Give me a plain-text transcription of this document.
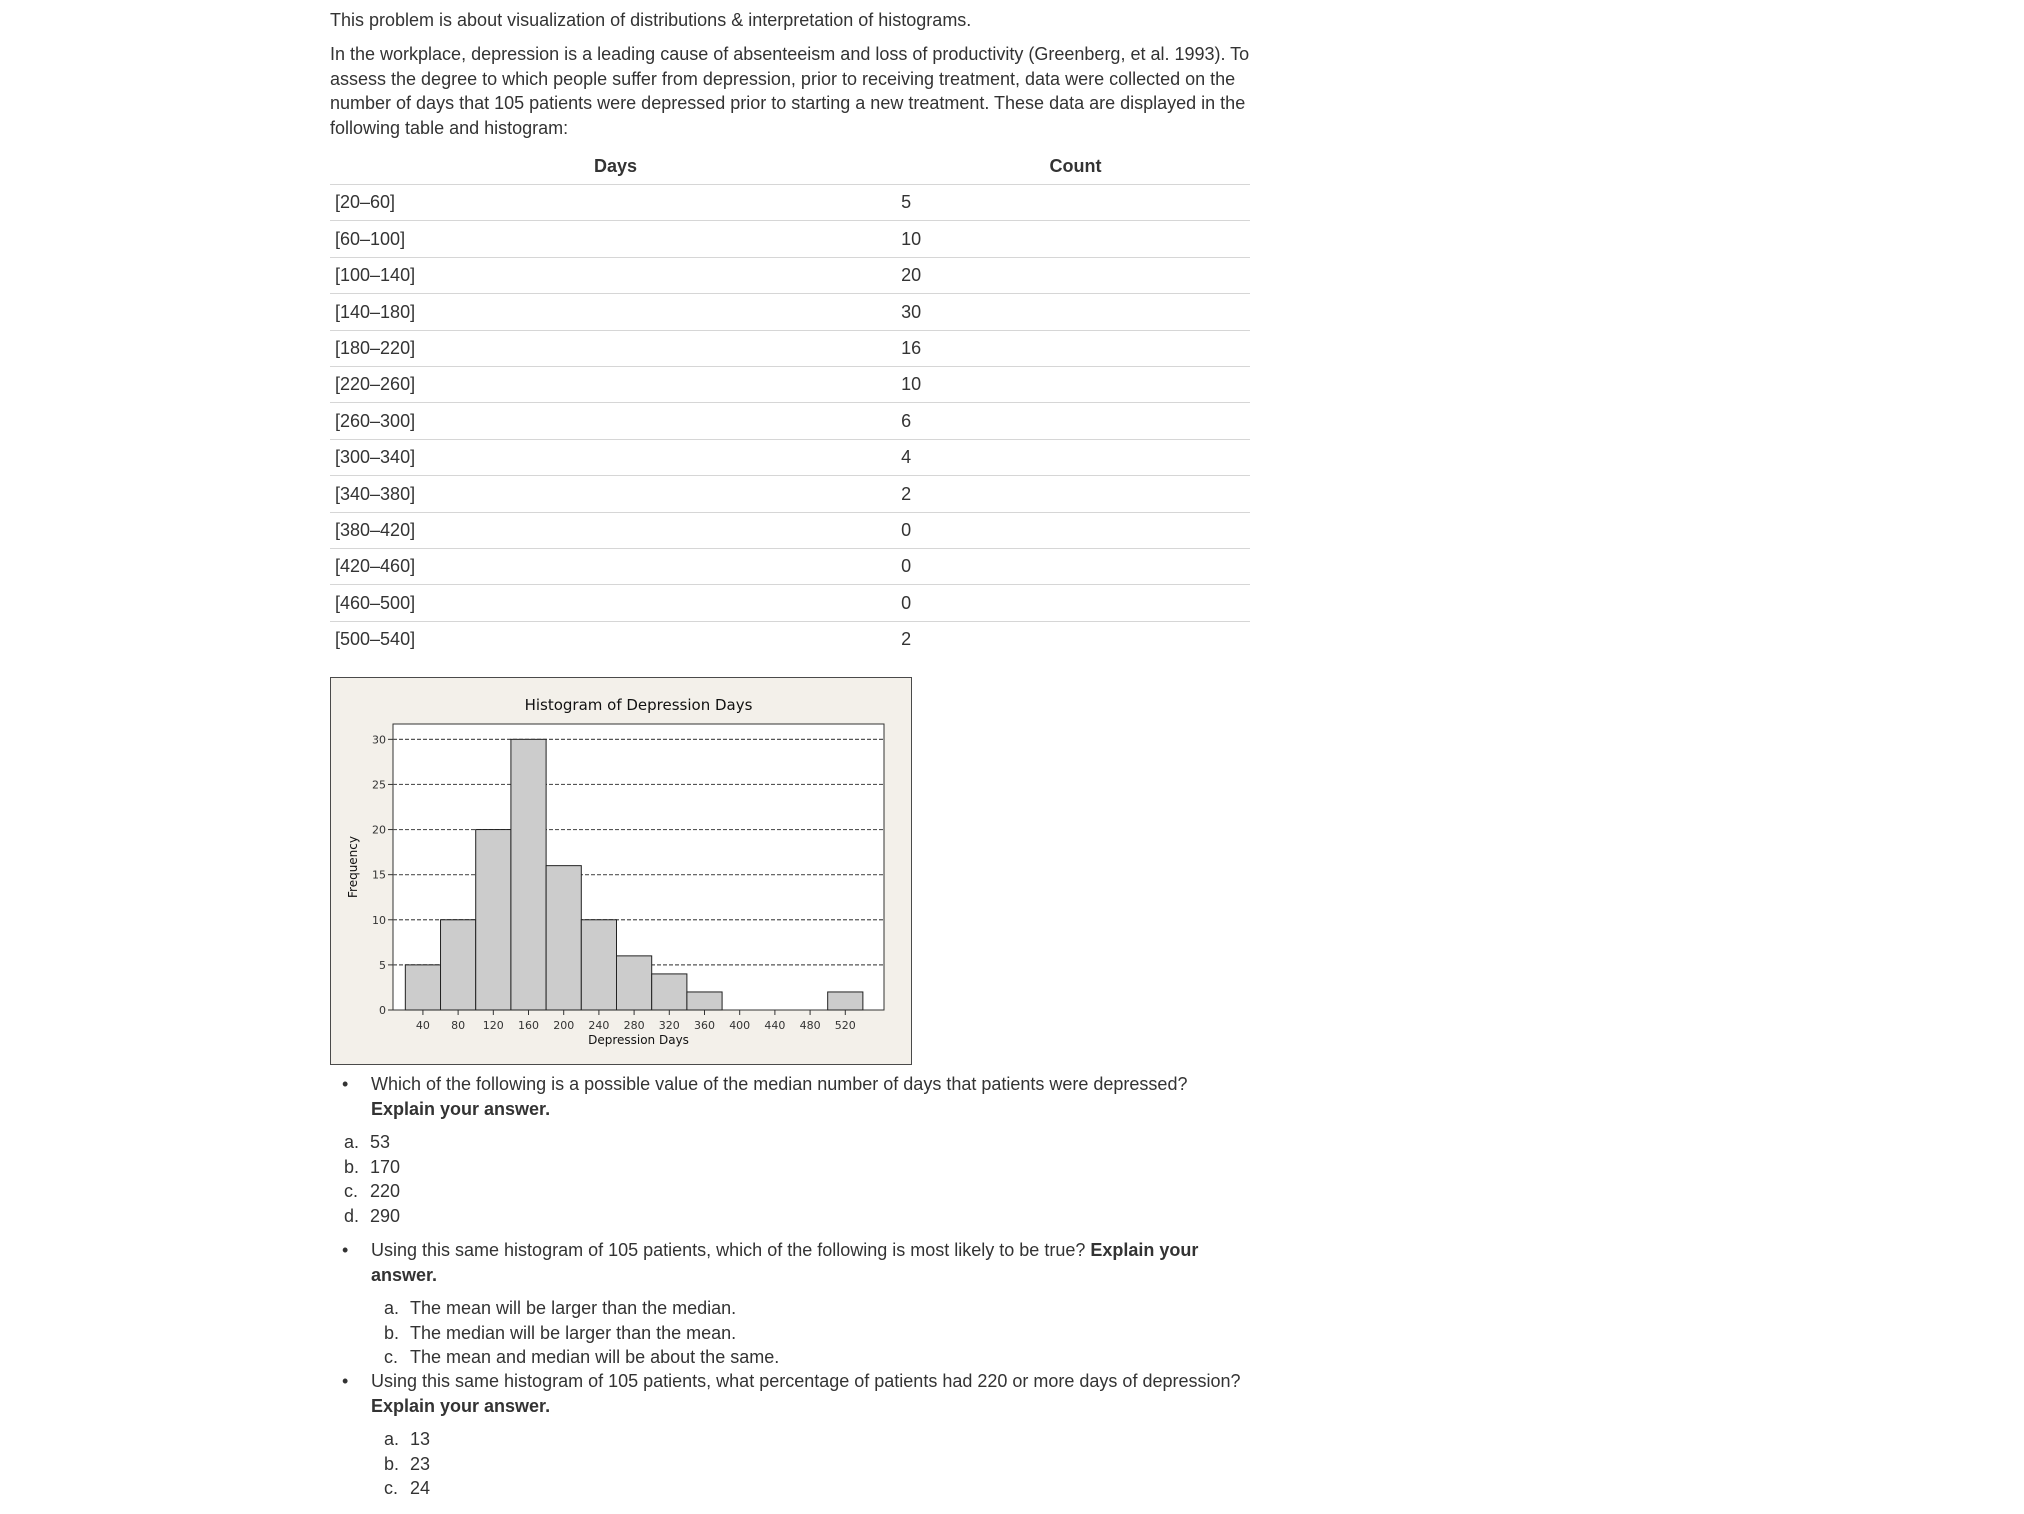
This problem is about visualization of distributions & interpretation of histograms.

In the workplace, depression is a leading cause of absenteeism and loss of productivity (Greenberg, et al. 1993). To assess the degree to which people suffer from depression, prior to receiving treatment, data were collected on the number of days that 105 patients were depressed prior to starting a new treatment. These data are displayed in the following table and histogram:

Days	Count
[20–60]	5
[60–100]	10
[100–140]	20
[140–180]	30
[180–220]	16
[220–260]	10
[260–300]	6
[300–340]	4
[340–380]	2
[380–420]	0
[420–460]	0
[460–500]	0
[500–540]	2
0
5
10
15
20
25
30
40 80 120 160 200 240 280 320 360 400 440 480 520
Histogram of Depression Days
Depression Days
Frequency
• Which of the following is a possible value of the median number of days that patients were depressed? Explain your answer.

a. 53
b. 170
c. 220
d. 290
• Using this same histogram of 105 patients, which of the following is most likely to be true? Explain your answer.

a. The mean will be larger than the median.
b. The median will be larger than the mean.
c. The mean and median will be about the same.
• Using this same histogram of 105 patients, what percentage of patients had 220 or more days of depression? Explain your answer.

a. 13
b. 23
c. 24
